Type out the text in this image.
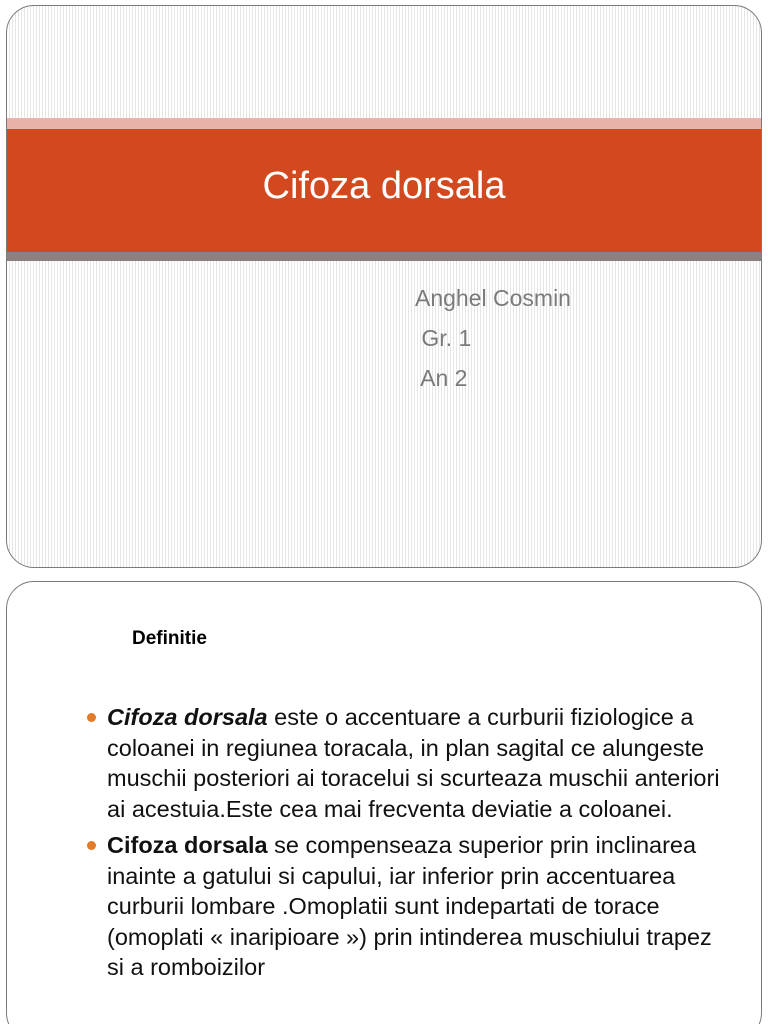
Cifoza dorsala
Anghel Cosmin
Gr. 1
An 2
Definitie
Cifoza dorsala este o accentuare a curburii fiziologice a coloanei in regiunea toracala, in plan sagital ce alungeste muschii posteriori ai toracelui si scurteaza muschii anteriori ai acestuia.Este cea mai frecventa deviatie a coloanei.
Cifoza dorsala se compenseaza superior prin inclinarea inainte a gatului si capului, iar inferior prin accentuarea curburii lombare .Omoplatii sunt indepartati de torace (omoplati « inaripioare ») prin intinderea muschiului trapez si a romboizilor
